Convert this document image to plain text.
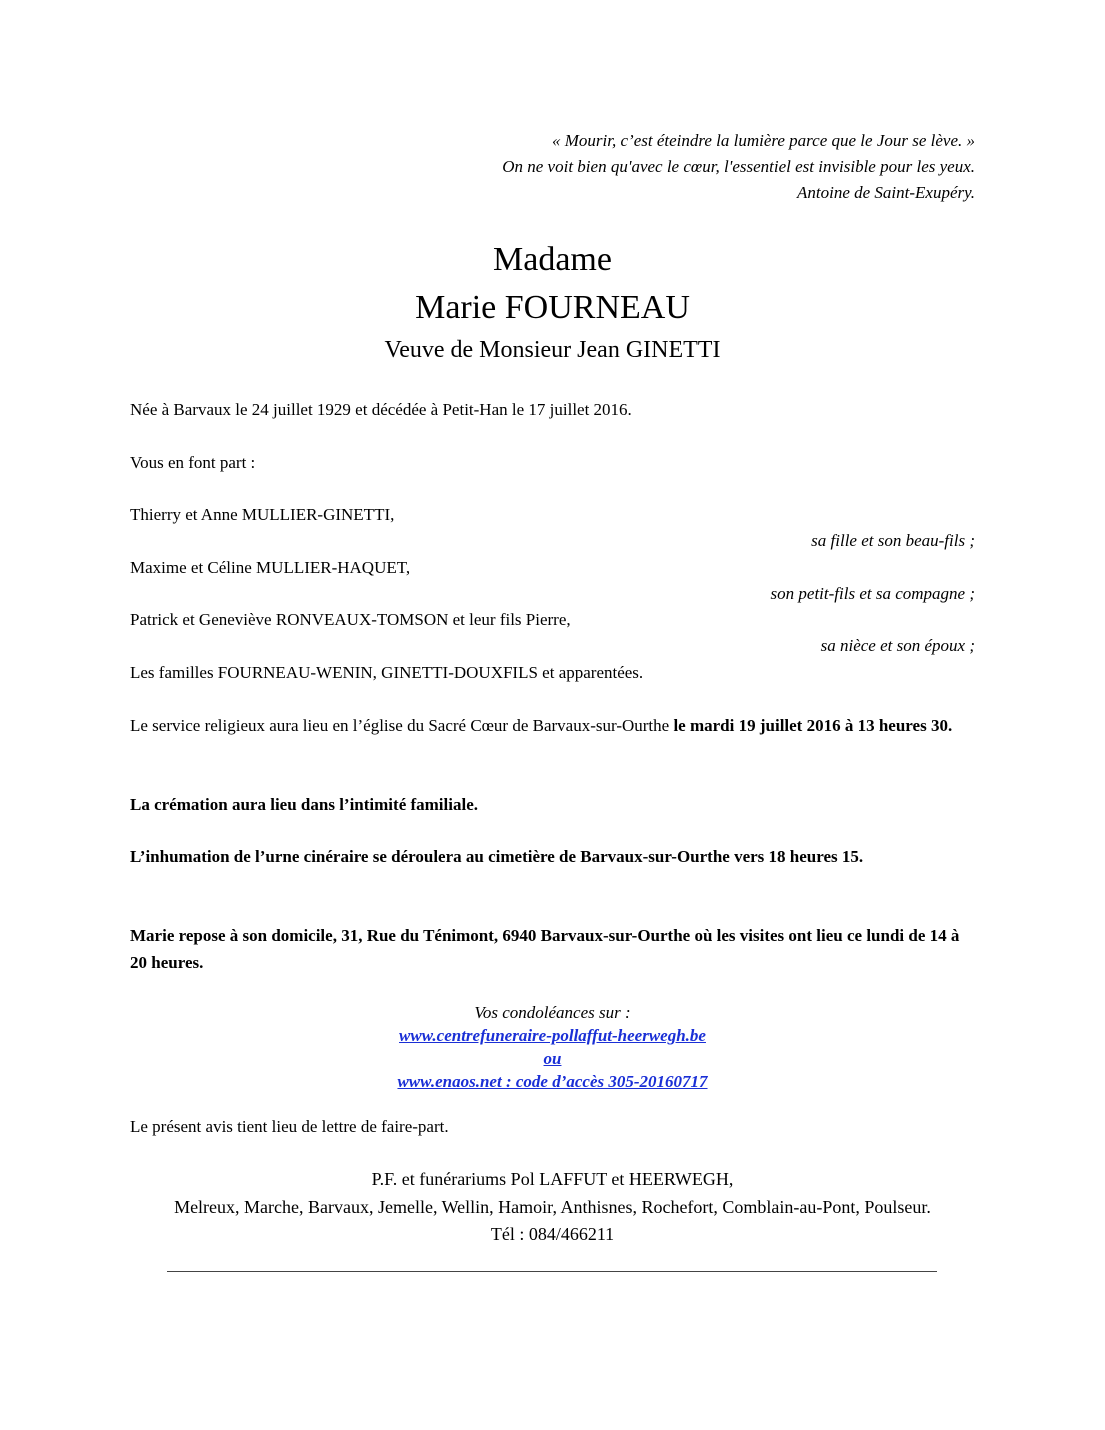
« Mourir, c’est éteindre la lumière parce que le Jour se lève. »
On ne voit bien qu'avec le cœur, l'essentiel est invisible pour les yeux.
Antoine de Saint-Exupéry.
Madame
Marie FOURNEAU
Veuve de Monsieur Jean GINETTI
Née à Barvaux le 24 juillet 1929 et décédée à Petit-Han le 17 juillet 2016.
Vous en font part :
Thierry et Anne MULLIER-GINETTI,
sa fille et son beau-fils ;
Maxime et Céline MULLIER-HAQUET,
son petit-fils et sa compagne ;
Patrick et Geneviève RONVEAUX-TOMSON et leur fils Pierre,
sa nièce et son époux ;
Les familles FOURNEAU-WENIN, GINETTI-DOUXFILS et apparentées.
Le service religieux aura lieu en l’église du Sacré Cœur de Barvaux-sur-Ourthe le mardi 19 juillet 2016 à 13 heures 30.
La crémation aura lieu dans l’intimité familiale.
L’inhumation de l’urne cinéraire se déroulera au cimetière de Barvaux-sur-Ourthe vers 18 heures 15.
Marie repose à son domicile, 31, Rue du Ténimont, 6940 Barvaux-sur-Ourthe où les visites ont lieu ce lundi de 14 à 20 heures.
Vos condoléances sur :
www.centrefuneraire-pollaffut-heerwegh.be
ou
www.enaos.net : code d’accès 305-20160717
Le présent avis tient lieu de lettre de faire-part.
P.F. et funérariums Pol LAFFUT et HEERWEGH,
Melreux, Marche, Barvaux, Jemelle, Wellin, Hamoir, Anthisnes, Rochefort, Comblain-au-Pont, Poulseur.
Tél : 084/466211
